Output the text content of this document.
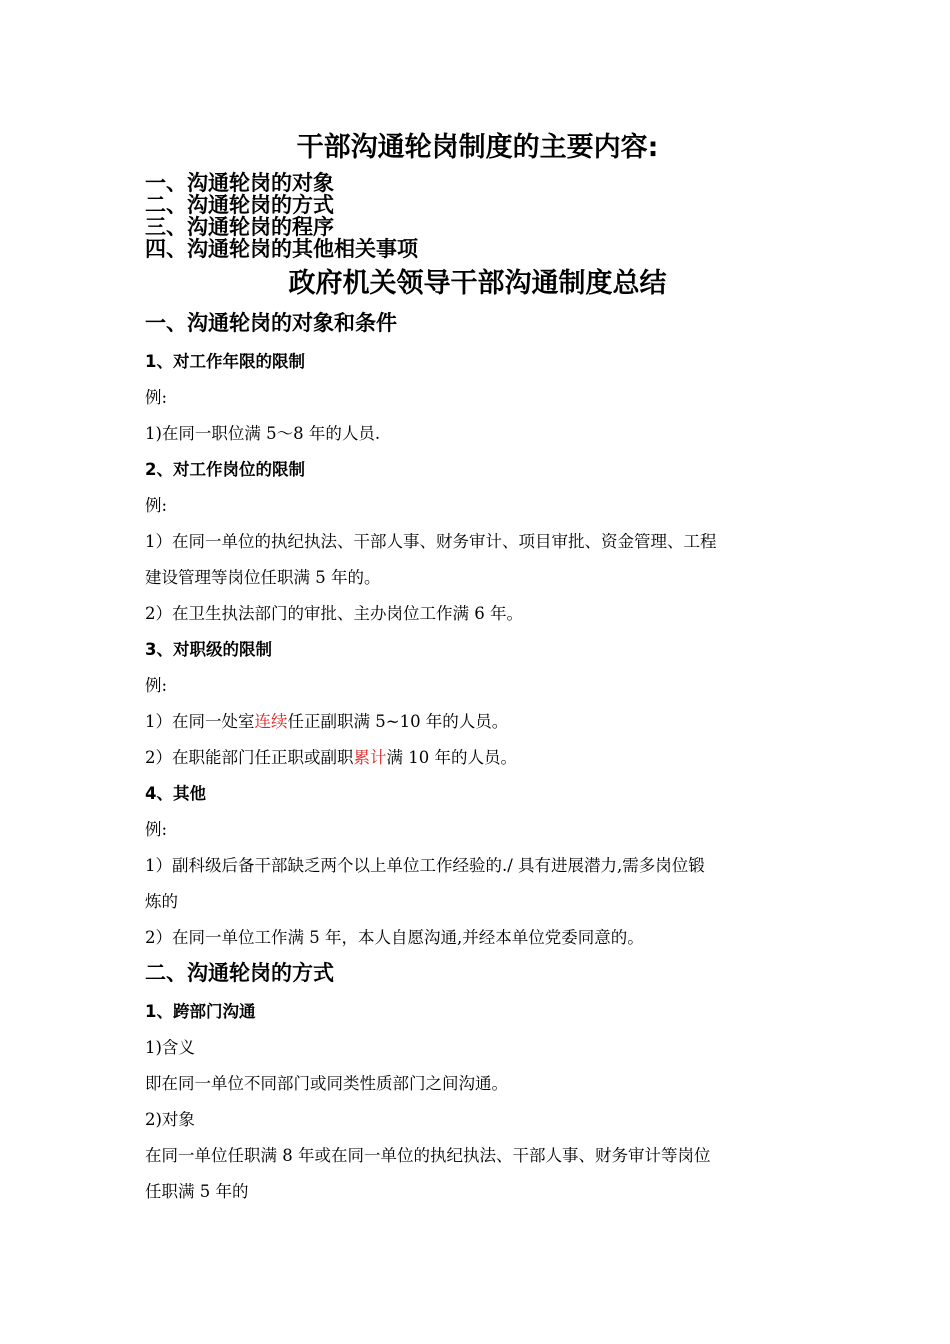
干部沟通轮岗制度的主要内容:
一、沟通轮岗的对象
二、沟通轮岗的方式
三、沟通轮岗的程序
四、沟通轮岗的其他相关事项
政府机关领导干部沟通制度总结
一、沟通轮岗的对象和条件
1、对工作年限的限制
例:
1)在同一职位满 5～8 年的人员.
2、对工作岗位的限制
例:
1）在同一单位的执纪执法、干部人事、财务审计、项目审批、资金管理、工程
建设管理等岗位任职满 5 年的。
2）在卫生执法部门的审批、主办岗位工作满 6 年。
3、对职级的限制
例:
1）在同一处室连续任正副职满 5~10 年的人员。
2）在职能部门任正职或副职累计满 10 年的人员。
4、其他
例:
1）副科级后备干部缺乏两个以上单位工作经验的./ 具有进展潜力,需多岗位锻
炼的
2）在同一单位工作满 5 年，本人自愿沟通,并经本单位党委同意的。
二、沟通轮岗的方式
1、跨部门沟通
1)含义
即在同一单位不同部门或同类性质部门之间沟通。
2)对象
在同一单位任职满 8 年或在同一单位的执纪执法、干部人事、财务审计等岗位
任职满 5 年的
